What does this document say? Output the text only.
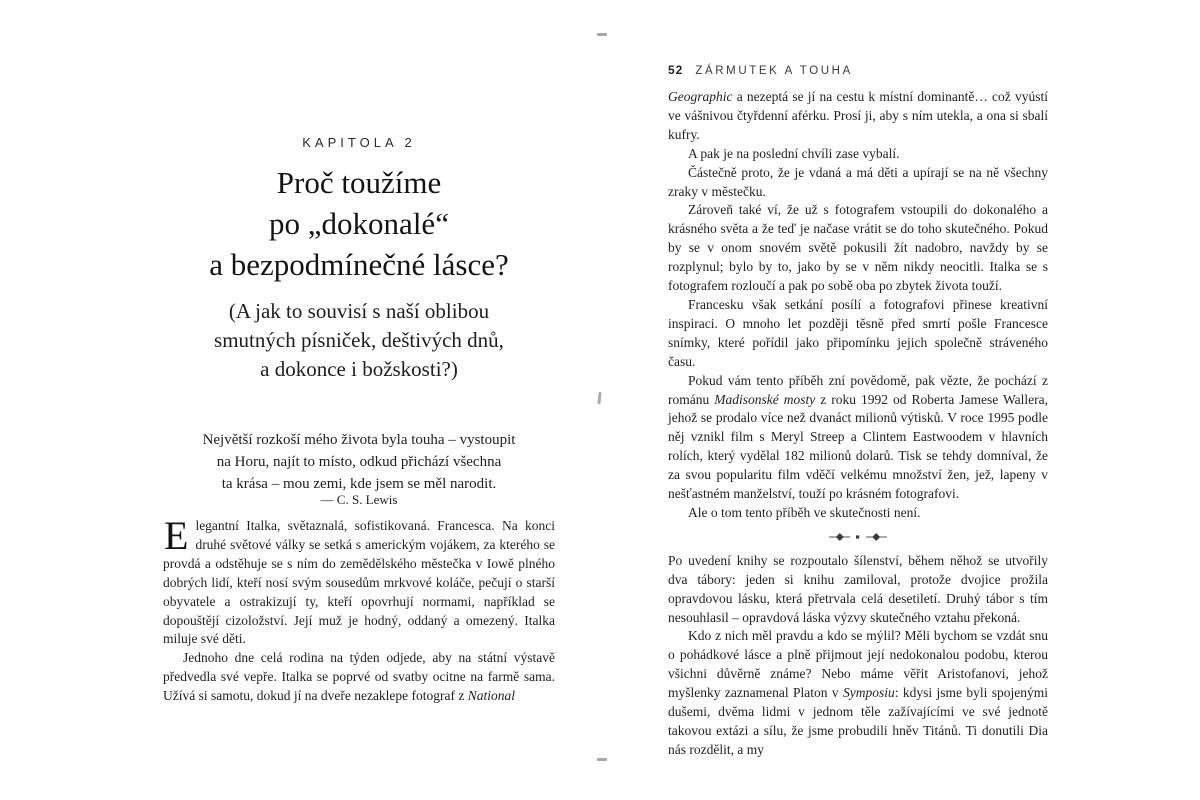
KAPITOLA 2
Proč toužíme
po „dokonalé“
a bezpodmínečné lásce?
(A jak to souvisí s naší oblibou
smutných písniček, deštivých dnů,
a dokonce i božskosti?)
Největší rozkoší mého života byla touha – vystoupit
na Horu, najít to místo, odkud přichází všechna
ta krása – mou zemi, kde jsem se měl narodit.
— C. S. Lewis

Elegantní Italka, světaznalá, sofistikovaná. Francesca. Na konci druhé světové války se setká s americkým vojákem, za kterého se provdá a odstěhuje se s ním do zemědělského městečka v Iowě plného dobrých lidí, kteří nosí svým sousedům mrkvové koláče, pečují o starší obyvatele a ostrakizují ty, kteří opovrhují normami, například se dopouštějí cizoložství. Její muž je hodný, oddaný a omezený. Italka miluje své děti.

Jednoho dne celá rodina na týden odjede, aby na státní výstavě předvedla své vepře. Italka se poprvé od svatby ocitne na farmě sama. Užívá si samotu, dokud jí na dveře nezaklepe fotograf z National

52 ZÁRMUTEK A TOUHA

Geographic a nezeptá se jí na cestu k místní dominantě… což vyústí ve vášnivou čtyřdenní aférku. Prosí ji, aby s ním utekla, a ona si sbalí kufry.

A pak je na poslední chvíli zase vybalí.

Částečně proto, že je vdaná a má děti a upírají se na ně všechny zraky v městečku.

Zároveň také ví, že už s fotografem vstoupili do dokonalého a krásného světa a že teď je načase vrátit se do toho skutečného. Pokud by se v onom snovém světě pokusili žít nadobro, navždy by se rozplynul; bylo by to, jako by se v něm nikdy neocitli. Italka se s fotografem rozloučí a pak po sobě oba po zbytek života touží.

Francesku však setkání posílí a fotografovi přinese kreativní inspiraci. O mnoho let později těsně před smrtí pošle Francesce snímky, které pořídil jako připomínku jejich společně stráveného času.

Pokud vám tento příběh zní povědomě, pak vězte, že pochází z románu Madisonské mosty z roku 1992 od Roberta Jamese Wallera, jehož se prodalo více než dvanáct milionů výtisků. V roce 1995 podle něj vznikl film s Meryl Streep a Clintem Eastwoodem v hlavních rolích, který vydělal 182 milionů dolarů. Tisk se tehdy domníval, že za svou popularitu film vděčí velkému množství žen, jež, lapeny v nešťastném manželství, touží po krásném fotografovi.

Ale o tom tento příběh ve skutečnosti není.

Po uvedení knihy se rozpoutalo šílenství, během něhož se utvořily dva tábory: jeden si knihu zamiloval, protože dvojice prožila opravdovou lásku, která přetrvala celá desetiletí. Druhý tábor s tím nesouhlasil – opravdová láska výzvy skutečného vztahu překoná.

Kdo z nich měl pravdu a kdo se mýlil? Měli bychom se vzdát snu o pohádkové lásce a plně přijmout její nedokonalou podobu, kterou všichni důvěrně známe? Nebo máme věřit Aristofanovi, jehož myšlenky zaznamenal Platon v Symposiu: kdysi jsme byli spojenými dušemi, dvěma lidmi v jednom těle zažívajícími ve své jednotě takovou extázi a sílu, že jsme probudili hněv Titánů. Ti donutili Dia nás rozdělit, a my
